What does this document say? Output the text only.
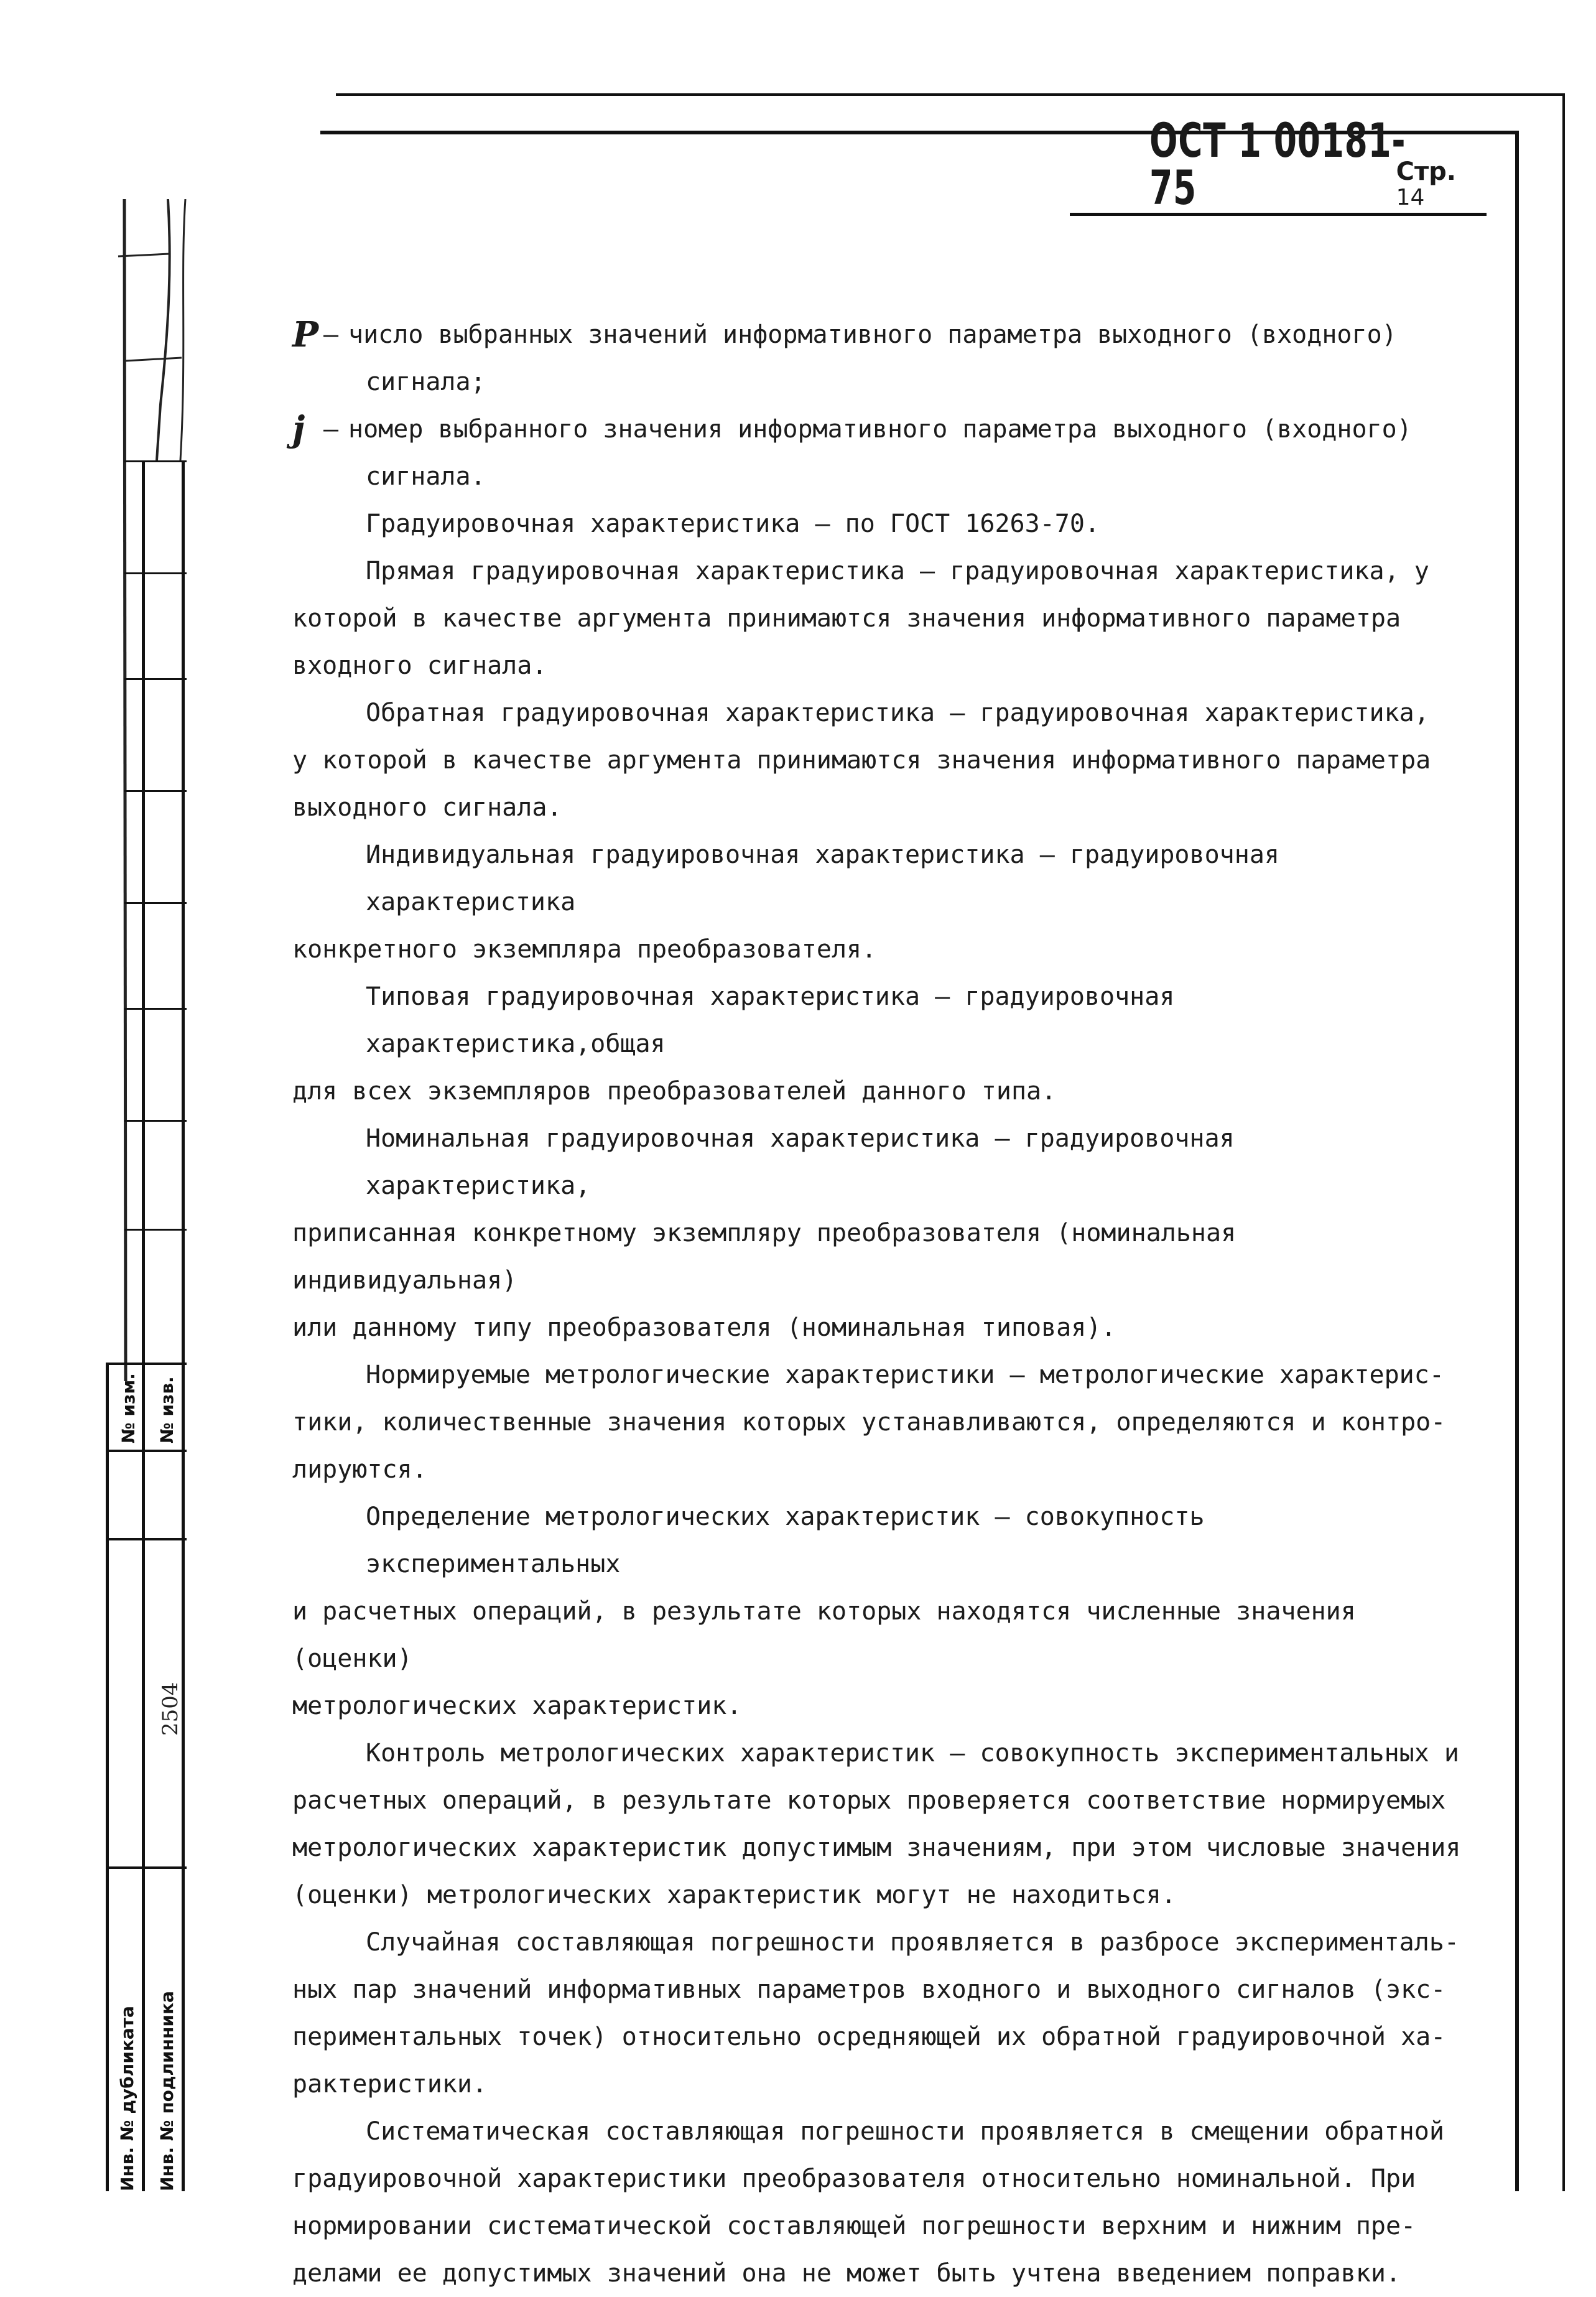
ОСТ 1 00181-75	Стр. 14
P – число выбранных значений информативного параметра выходного (входного)

сигнала;

j – номер выбранного значения информативного параметра выходного (входного)

сигнала.

Градуировочная характеристика – по ГОСТ 16263-70.

Прямая градуировочная характеристика – градуировочная характеристика, у

которой в качестве аргумента принимаются значения информативного параметра

входного сигнала.

Обратная градуировочная характеристика – градуировочная характеристика,

у которой в качестве аргумента принимаются значения информативного параметра

выходного сигнала.

Индивидуальная градуировочная характеристика – градуировочная характеристика

конкретного экземпляра преобразователя.

Типовая градуировочная характеристика – градуировочная характеристика,общая

для всех экземпляров преобразователей данного типа.

Номинальная градуировочная характеристика – градуировочная характеристика,

приписанная конкретному экземпляру преобразователя (номинальная индивидуальная)

или данному типу преобразователя (номинальная типовая).

Нормируемые метрологические характеристики – метрологические характерис-

тики, количественные значения которых устанавливаются, определяются и контро-

лируются.

Определение метрологических характеристик – совокупность экспериментальных

и расчетных операций, в результате которых находятся численные значения (оценки)

метрологических характеристик.

Контроль метрологических характеристик – совокупность экспериментальных и

расчетных операций, в результате которых проверяется соответствие нормируемых

метрологических характеристик допустимым значениям, при этом числовые значения

(оценки) метрологических характеристик могут не находиться.

Случайная составляющая погрешности проявляется в разбросе эксперименталь-

ных пар значений информативных параметров входного и выходного сигналов (экс-

периментальных точек) относительно осредняющей их обратной градуировочной ха-

рактеристики.

Систематическая составляющая погрешности проявляется в смещении обратной

градуировочной характеристики преобразователя относительно номинальной. При

нормировании систематической составляющей погрешности верхним и нижним пре-

делами ее допустимых значений она не может быть учтена введением поправки.

№ изм. № изв.
2504
Инв. № дубликата Инв. № подлинника
